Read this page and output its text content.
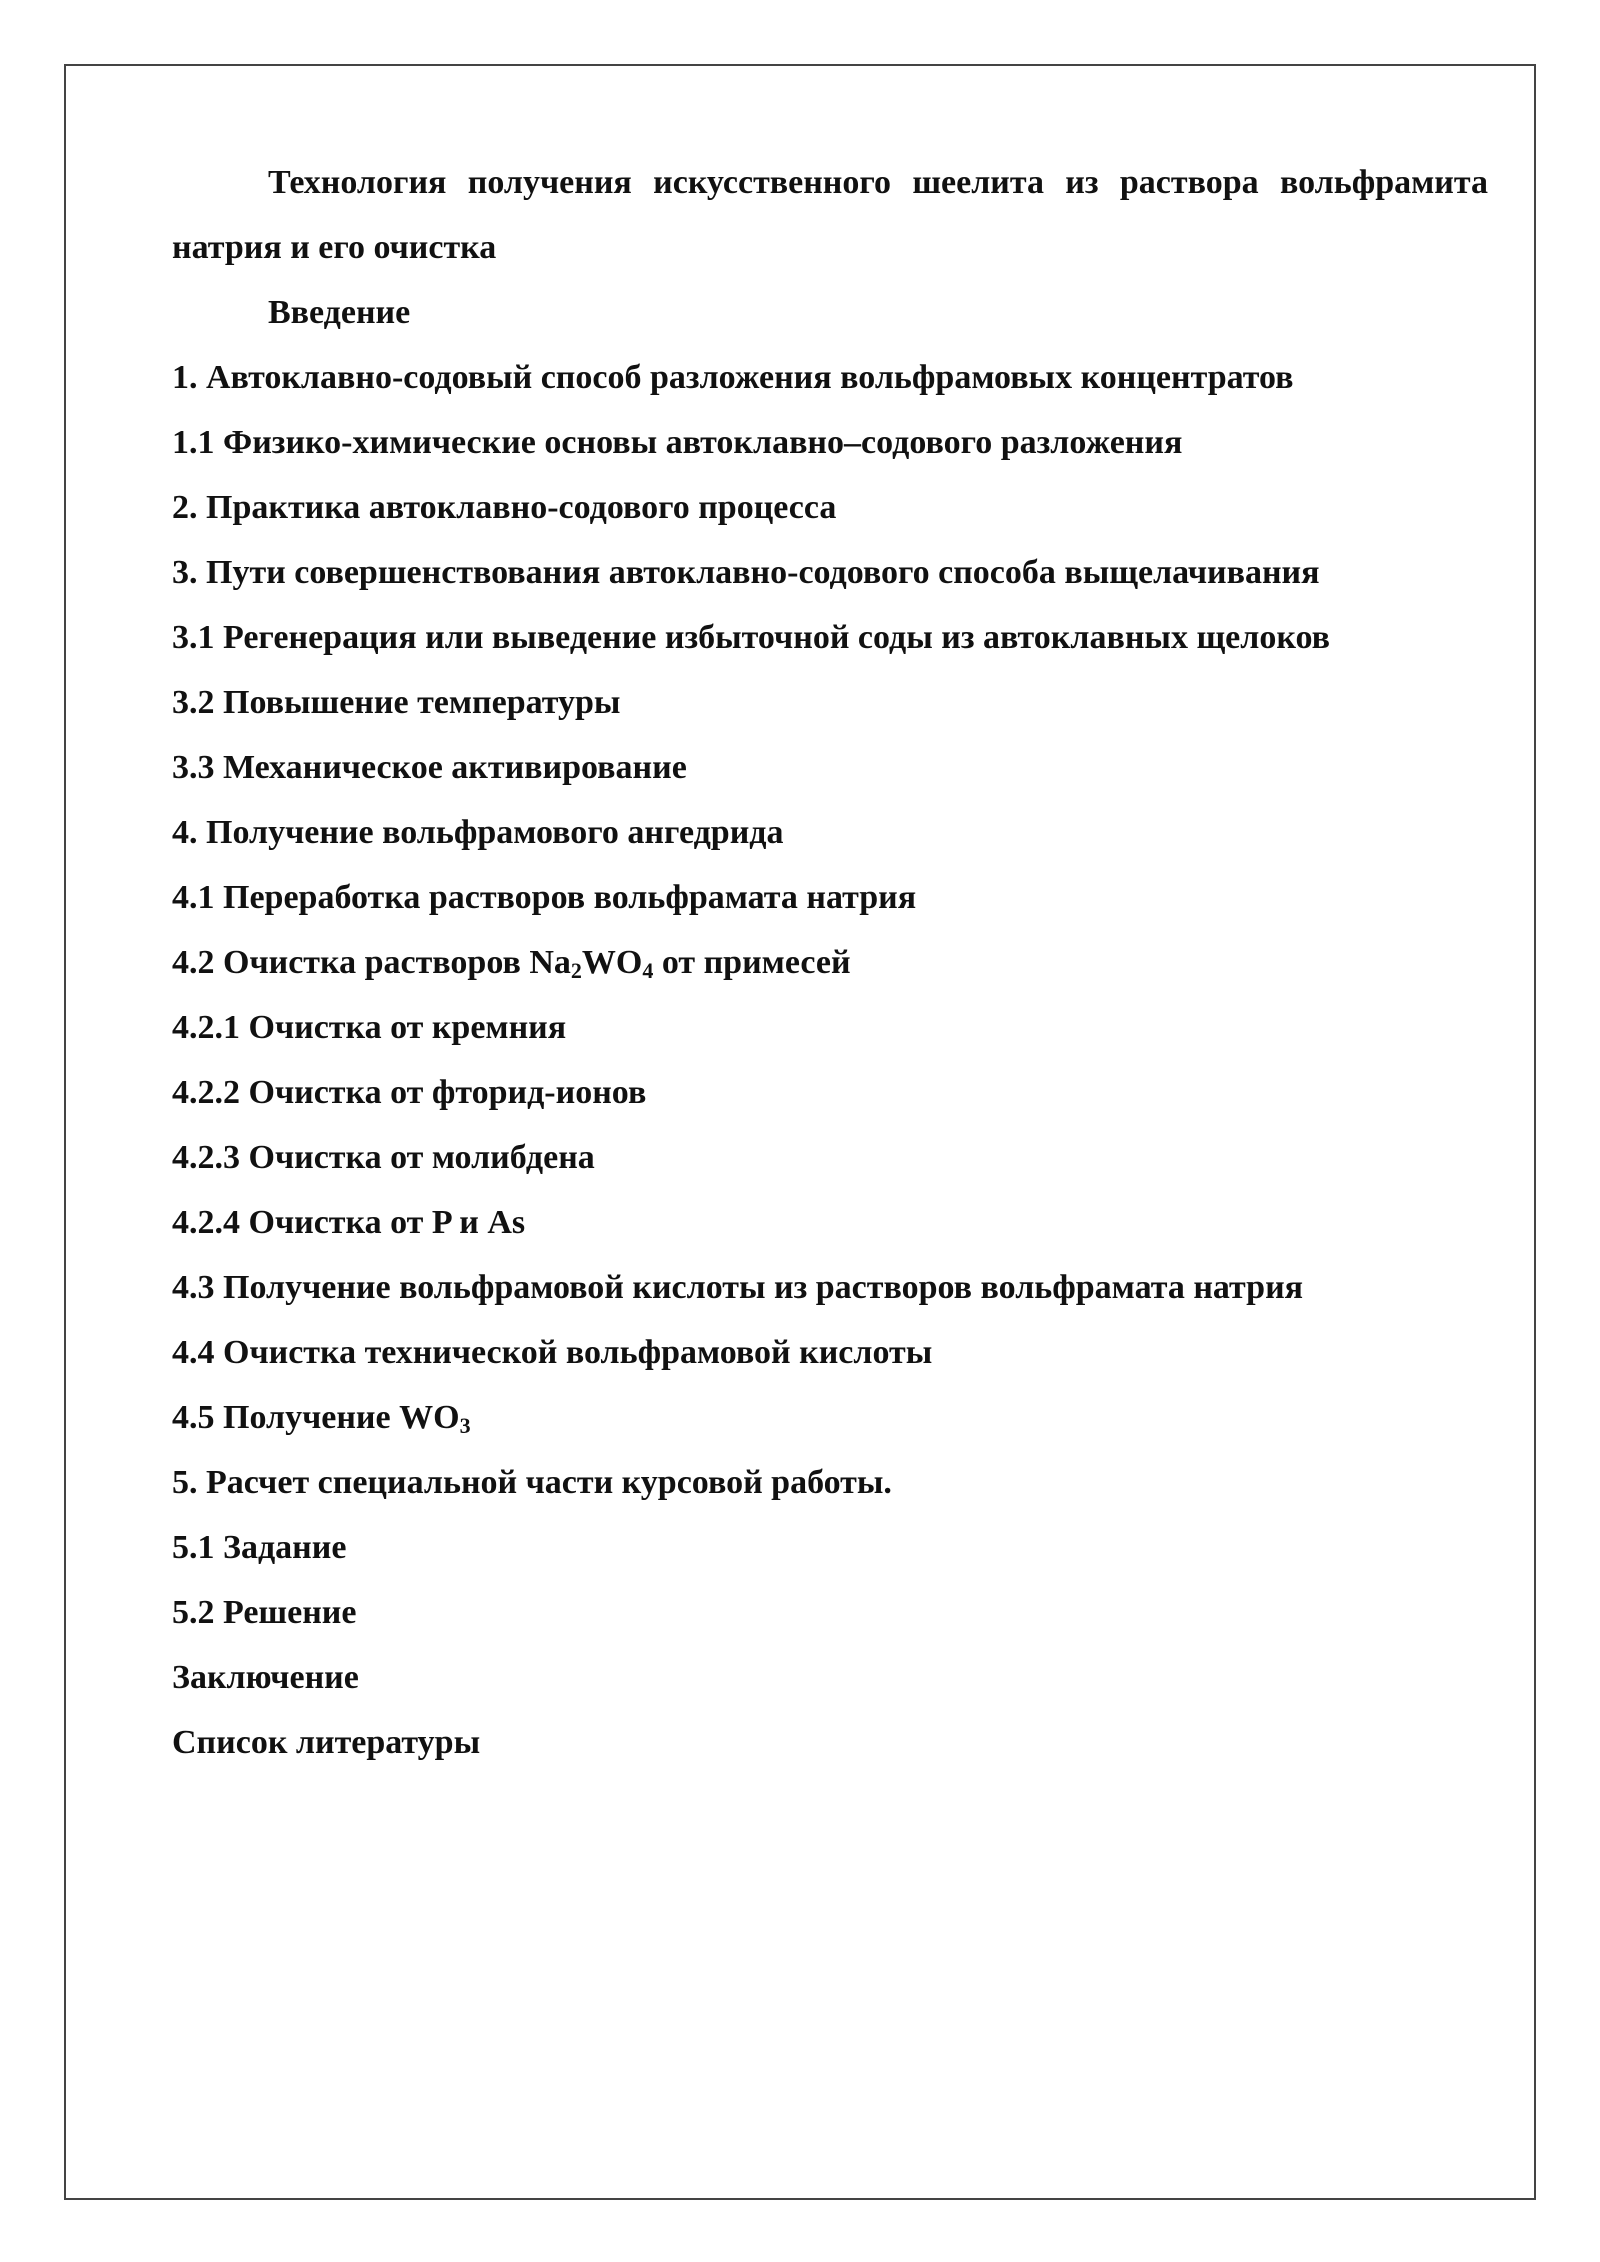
Технология получения искусственного шеелита из раствора вольфрамита натрия и его очистка

Введение
1. Автоклавно-содовый способ разложения вольфрамовых концентратов
1.1 Физико-химические основы автоклавно–содового разложения
2. Практика автоклавно-содового процесса
3. Пути совершенствования автоклавно-содового способа выщелачивания
3.1 Регенерация или выведение избыточной соды из автоклавных щелоков
3.2 Повышение температуры
3.3 Механическое активирование
4. Получение вольфрамового ангедрида
4.1 Переработка растворов вольфрамата натрия
4.2 Очистка растворов $Na_2WO_4$ от примесей
4.2.1 Очистка от кремния
4.2.2 Очистка от фторид-ионов
4.2.3 Очистка от молибдена
4.2.4 Очистка от P и As
4.3 Получение вольфрамовой кислоты из растворов вольфрамата натрия
4.4 Очистка технической вольфрамовой кислоты
4.5 Получение $WO_3$
5. Расчет специальной части курсовой работы.
5.1 Задание
5.2 Решение
Заключение
Список литературы
